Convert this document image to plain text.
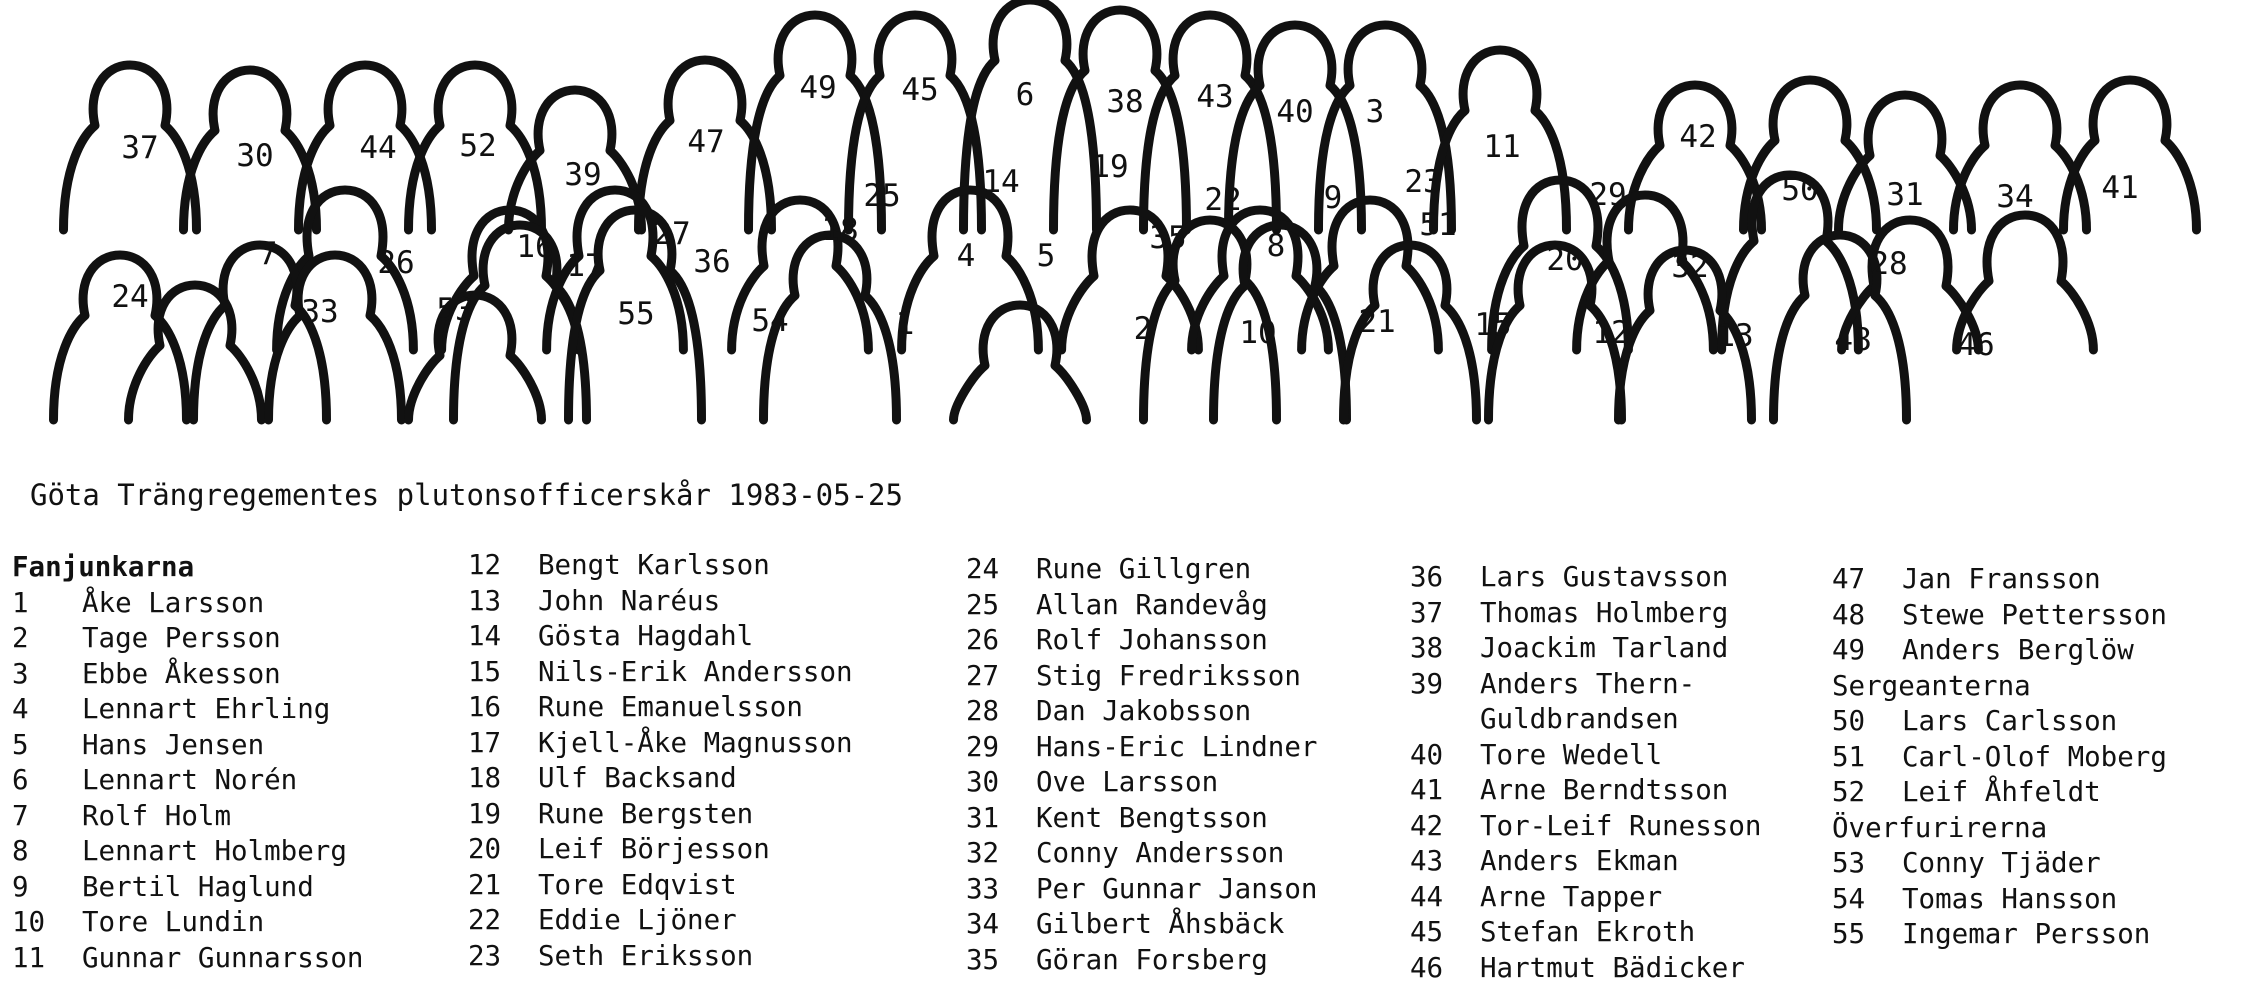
37	30	44 52
39
47
49 45 6 38 43 40 3
11	42
24
7
33
26
53
16
17
55
27
36
54
18
25
1
14
4 5
19
35
2
22
8
10
9
21
23
51
15
20
12
29
32
13
50 31
28
48
34
46
41
Göta Trängregementes plutonsofficerskår 1983-05-25
Fanjunkarna
1 Åke Larsson
2 Tage Persson
3 Ebbe Åkesson
4 Lennart Ehrling
5 Hans Jensen
6 Lennart Norén
7 Rolf Holm
8 Lennart Holmberg
9 Bertil Haglund
10 Tore Lundin
11 Gunnar Gunnarsson
12 Bengt Karlsson
13 John Naréus
14 Gösta Hagdahl
15 Nils-Erik Andersson
16 Rune Emanuelsson
17 Kjell-Åke Magnusson
18 Ulf Backsand
19 Rune Bergsten
20 Leif Börjesson
21 Tore Edqvist
22 Eddie Ljöner
23 Seth Eriksson
24 Rune Gillgren
25 Allan Randevåg
26 Rolf Johansson
27 Stig Fredriksson
28 Dan Jakobsson
29 Hans-Eric Lindner
30 Ove Larsson
31 Kent Bengtsson
32 Conny Andersson
33 Per Gunnar Janson
34 Gilbert Åhsbäck
35 Göran Forsberg
36 Lars Gustavsson
37 Thomas Holmberg
38 Joackim Tarland
39 Anders Thern-
Guldbrandsen
40 Tore Wedell
41 Arne Berndtsson
42 Tor-Leif Runesson
43 Anders Ekman
44 Arne Tapper
45 Stefan Ekroth
46 Hartmut Bädicker
47 Jan Fransson
48 Stewe Pettersson
49 Anders Berglöw
Sergeanterna
50 Lars Carlsson
51 Carl-Olof Moberg
52 Leif Åhfeldt
Överfurirerna
53 Conny Tjäder
54 Tomas Hansson
55 Ingemar Persson
